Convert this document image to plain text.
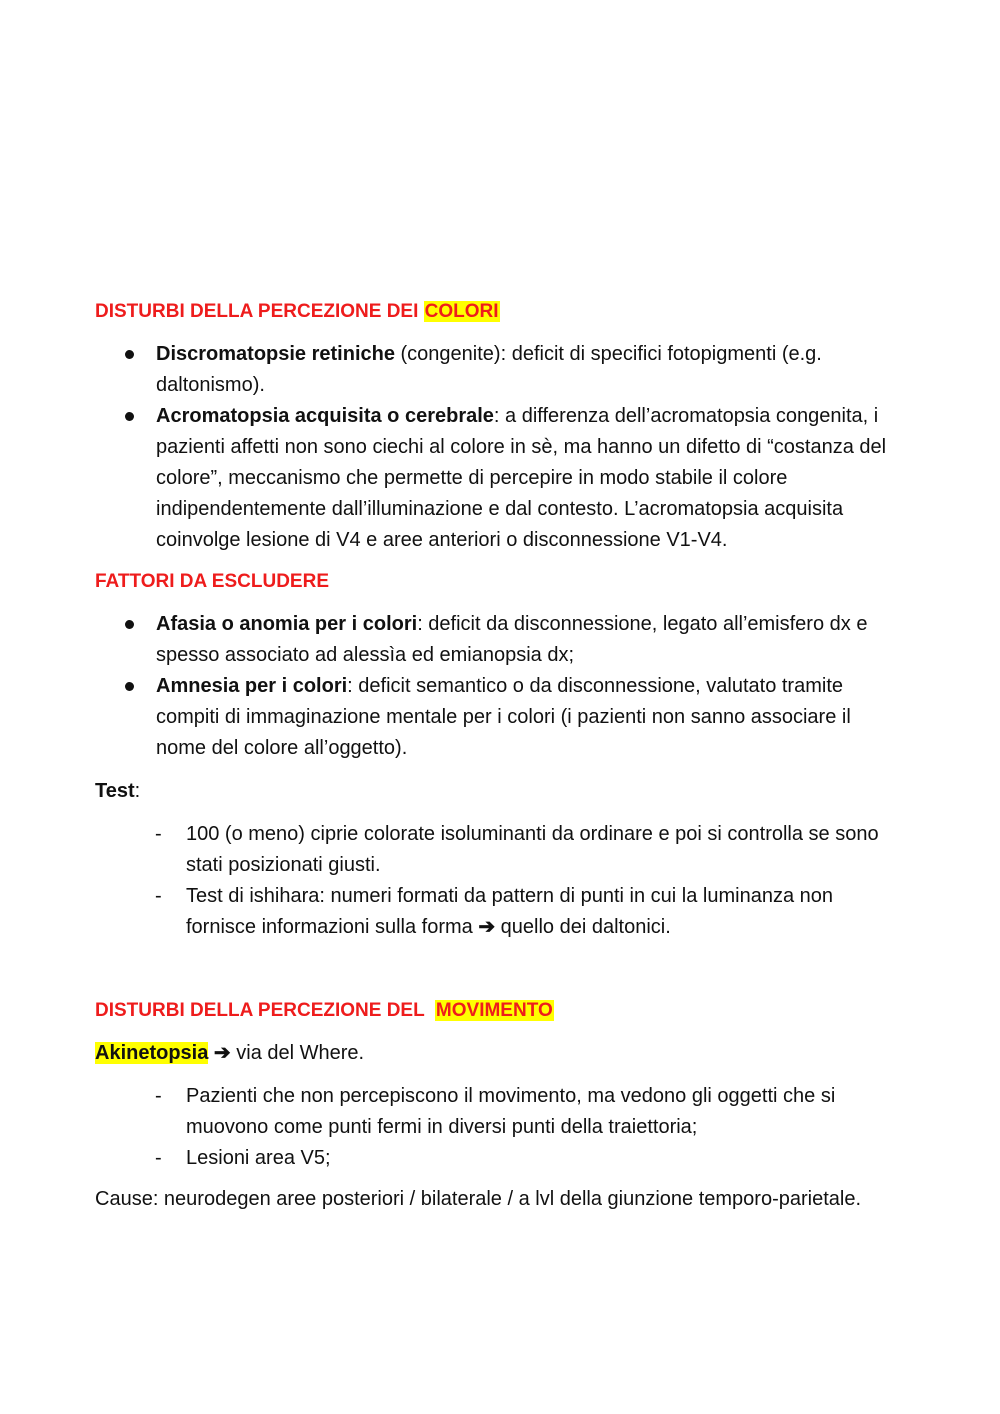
DISTURBI DELLA PERCEZIONE DEI COLORI

Discromatopsie retiniche (congenite): deficit di specifici fotopigmenti (e.g. daltonismo).
Acromatopsia acquisita o cerebrale: a differenza dell’acromatopsia congenita, i pazienti affetti non sono ciechi al colore in sè, ma hanno un difetto di “costanza del colore”, meccanismo che permette di percepire in modo stabile il colore indipendentemente dall’illuminazione e dal contesto. L’acromatopsia acquisita coinvolge lesione di V4 e aree anteriori o disconnessione V1-V4.

FATTORI DA ESCLUDERE

Afasia o anomia per i colori: deficit da disconnessione, legato all’emisfero dx e spesso associato ad alessìa ed emianopsia dx;
Amnesia per i colori: deficit semantico o da disconnessione, valutato tramite compiti di immaginazione mentale per i colori (i pazienti non sanno associare il nome del colore all’oggetto).

Test:

- 100 (o meno) ciprie colorate isoluminanti da ordinare e poi si controlla se sono stati posizionati giusti.
- Test di ishihara: numeri formati da pattern di punti in cui la luminanza non fornisce informazioni sulla forma ➔ quello dei daltonici.

DISTURBI DELLA PERCEZIONE DEL  MOVIMENTO

Akinetopsia ➔ via del Where.

- Pazienti che non percepiscono il movimento, ma vedono gli oggetti che si muovono come punti fermi in diversi punti della traiettoria;
- Lesioni area V5;

Cause: neurodegen aree posteriori / bilaterale / a lvl della giunzione temporo-parietale.
